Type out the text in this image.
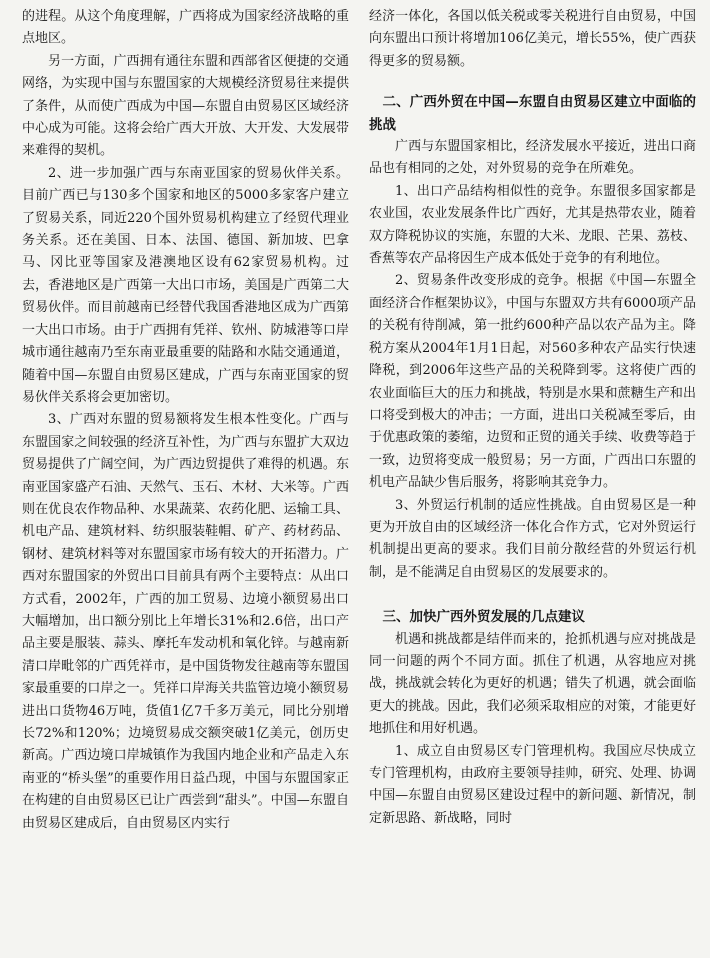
的进程。从这个角度理解，广西将成为国家经济战略的重点地区。

另一方面，广西拥有通往东盟和西部省区便捷的交通网络，为实现中国与东盟国家的大规模经济贸易往来提供了条件，从而使广西成为中国—东盟自由贸易区区域经济中心成为可能。这将会给广西大开放、大开发、大发展带来难得的契机。

2、进一步加强广西与东南亚国家的贸易伙伴关系。目前广西已与130多个国家和地区的5000多家客户建立了贸易关系，同近220个国外贸易机构建立了经贸代理业务关系。还在美国、日本、法国、德国、新加坡、巴拿马、冈比亚等国家及港澳地区设有62家贸易机构。过去，香港地区是广西第一大出口市场，美国是广西第二大贸易伙伴。而目前越南已经替代我国香港地区成为广西第一大出口市场。由于广西拥有凭祥、钦州、防城港等口岸城市通往越南乃至东南亚最重要的陆路和水陆交通通道，随着中国—东盟自由贸易区建成，广西与东南亚国家的贸易伙伴关系将会更加密切。

3、广西对东盟的贸易额将发生根本性变化。广西与东盟国家之间较强的经济互补性，为广西与东盟扩大双边贸易提供了广阔空间，为广西边贸提供了难得的机遇。东南亚国家盛产石油、天然气、玉石、木材、大米等。广西则在优良农作物品种、水果蔬菜、农药化肥、运输工具、机电产品、建筑材料、纺织服装鞋帽、矿产、药材药品、钢材、建筑材料等对东盟国家市场有较大的开拓潜力。广西对东盟国家的外贸出口目前具有两个主要特点：从出口方式看，2002年，广西的加工贸易、边境小额贸易出口大幅增加，出口额分别比上年增长31%和2.6倍，出口产品主要是服装、蒜头、摩托车发动机和氧化锌。与越南新清口岸毗邻的广西凭祥市，是中国货物发往越南等东盟国家最重要的口岸之一。凭祥口岸海关共监管边境小额贸易进出口货物46万吨，货值1亿7千多万美元，同比分别增长72%和120%；边境贸易成交额突破1亿美元，创历史新高。广西边境口岸城镇作为我国内地企业和产品走入东南亚的“桥头堡”的重要作用日益凸现，中国与东盟国家正在构建的自由贸易区已让广西尝到“甜头”。中国—东盟自由贸易区建成后，自由贸易区内实行

经济一体化，各国以低关税或零关税进行自由贸易，中国向东盟出口预计将增加106亿美元，增长55%，使广西获得更多的贸易额。

二、广西外贸在中国—东盟自由贸易区建立中面临的挑战

广西与东盟国家相比，经济发展水平接近，进出口商品也有相同的之处，对外贸易的竞争在所难免。

1、出口产品结构相似性的竞争。东盟很多国家都是农业国，农业发展条件比广西好，尤其是热带农业，随着双方降税协议的实施，东盟的大米、龙眼、芒果、荔枝、香蕉等农产品将因生产成本低处于竞争的有利地位。

2、贸易条件改变形成的竞争。根据《中国—东盟全面经济合作框架协议》，中国与东盟双方共有6000项产品的关税有待削减，第一批约600种产品以农产品为主。降税方案从2004年1月1日起，对560多种农产品实行快速降税，到2006年这些产品的关税降到零。这将使广西的农业面临巨大的压力和挑战，特别是水果和蔗糖生产和出口将受到极大的冲击；一方面，进出口关税减至零后，由于优惠政策的萎缩，边贸和正贸的通关手续、收费等趋于一致，边贸将变成一般贸易；另一方面，广西出口东盟的机电产品缺少售后服务，将影响其竞争力。

3、外贸运行机制的适应性挑战。自由贸易区是一种更为开放自由的区域经济一体化合作方式，它对外贸运行机制提出更高的要求。我们目前分散经营的外贸运行机制，是不能满足自由贸易区的发展要求的。

三、加快广西外贸发展的几点建议

机遇和挑战都是结伴而来的，抢抓机遇与应对挑战是同一问题的两个不同方面。抓住了机遇，从容地应对挑战，挑战就会转化为更好的机遇；错失了机遇，就会面临更大的挑战。因此，我们必须采取相应的对策，才能更好地抓住和用好机遇。

1、成立自由贸易区专门管理机构。我国应尽快成立专门管理机构，由政府主要领导挂帅，研究、处理、协调中国—东盟自由贸易区建设过程中的新问题、新情况，制定新思路、新战略，同时
